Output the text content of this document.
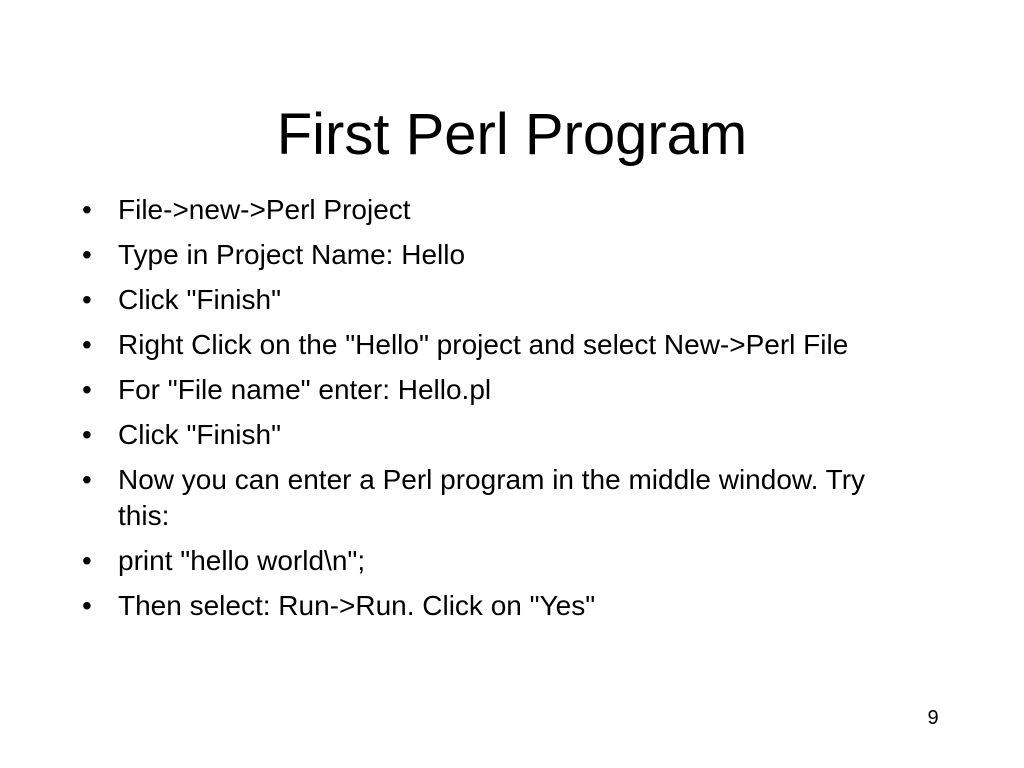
First Perl Program
• File->new->Perl Project
• Type in Project Name: Hello
• Click "Finish"
• Right Click on the "Hello" project and select New->Perl File
• For "File name" enter: Hello.pl
• Click "Finish"
• Now you can enter a Perl program in the middle window. Try this:
• print "hello world\n";
• Then select: Run->Run. Click on "Yes"
9
